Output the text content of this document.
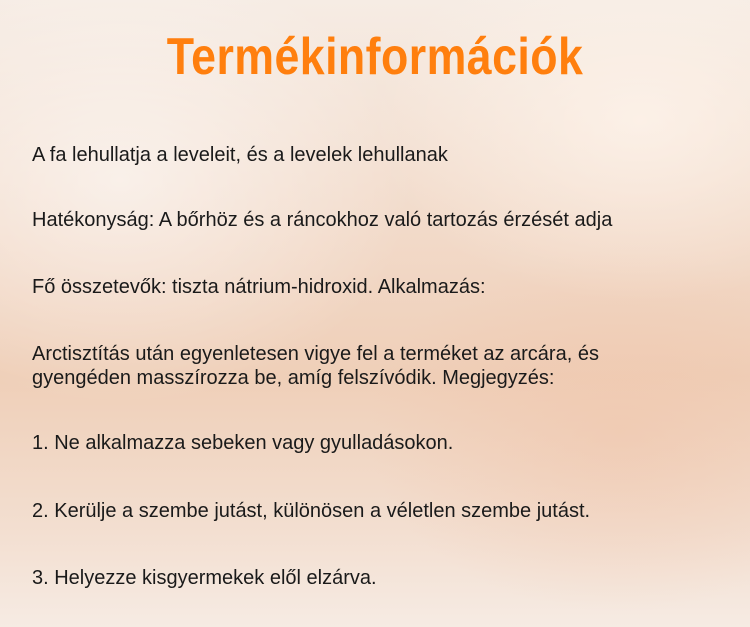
Termékinformációk
A fa lehullatja a leveleit, és a levelek lehullanak
Hatékonyság: A bőrhöz és a ráncokhoz való tartozás érzését adja
Fő összetevők: tiszta nátrium-hidroxid. Alkalmazás:
Arctisztítás után egyenletesen vigye fel a terméket az arcára, és
gyengéden masszírozza be, amíg felszívódik. Megjegyzés:
1. Ne alkalmazza sebeken vagy gyulladásokon.
2. Kerülje a szembe jutást, különösen a véletlen szembe jutást.
3. Helyezze kisgyermekek elől elzárva.
